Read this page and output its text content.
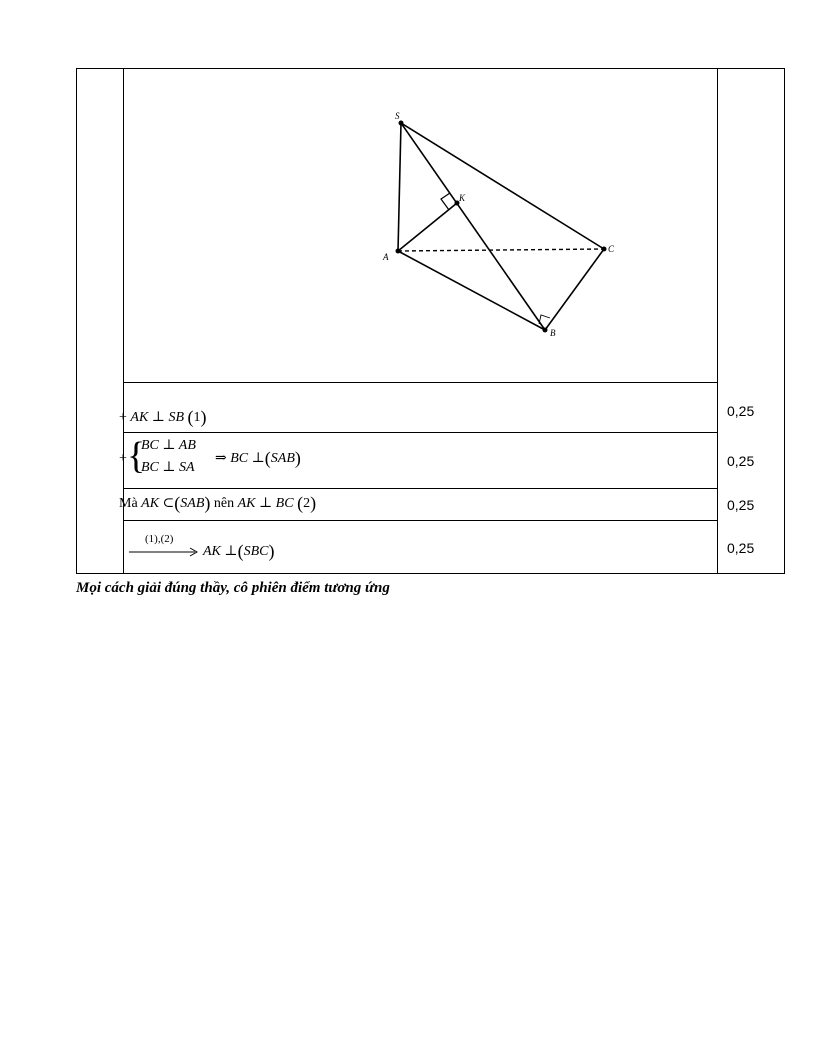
S
K
A
C
B
+ AK ⊥ SB (1)	0,25
+ {
BC ⊥ AB
BC ⊥ SA
⇒ BC ⊥(SAB)	0,25
Mà AK ⊂(SAB) nên AK ⊥ BC (2)	0,25
(1),(2)
AK ⊥(SBC)	0,25
Mọi cách giải đúng thầy, cô phiên điểm tương ứng
